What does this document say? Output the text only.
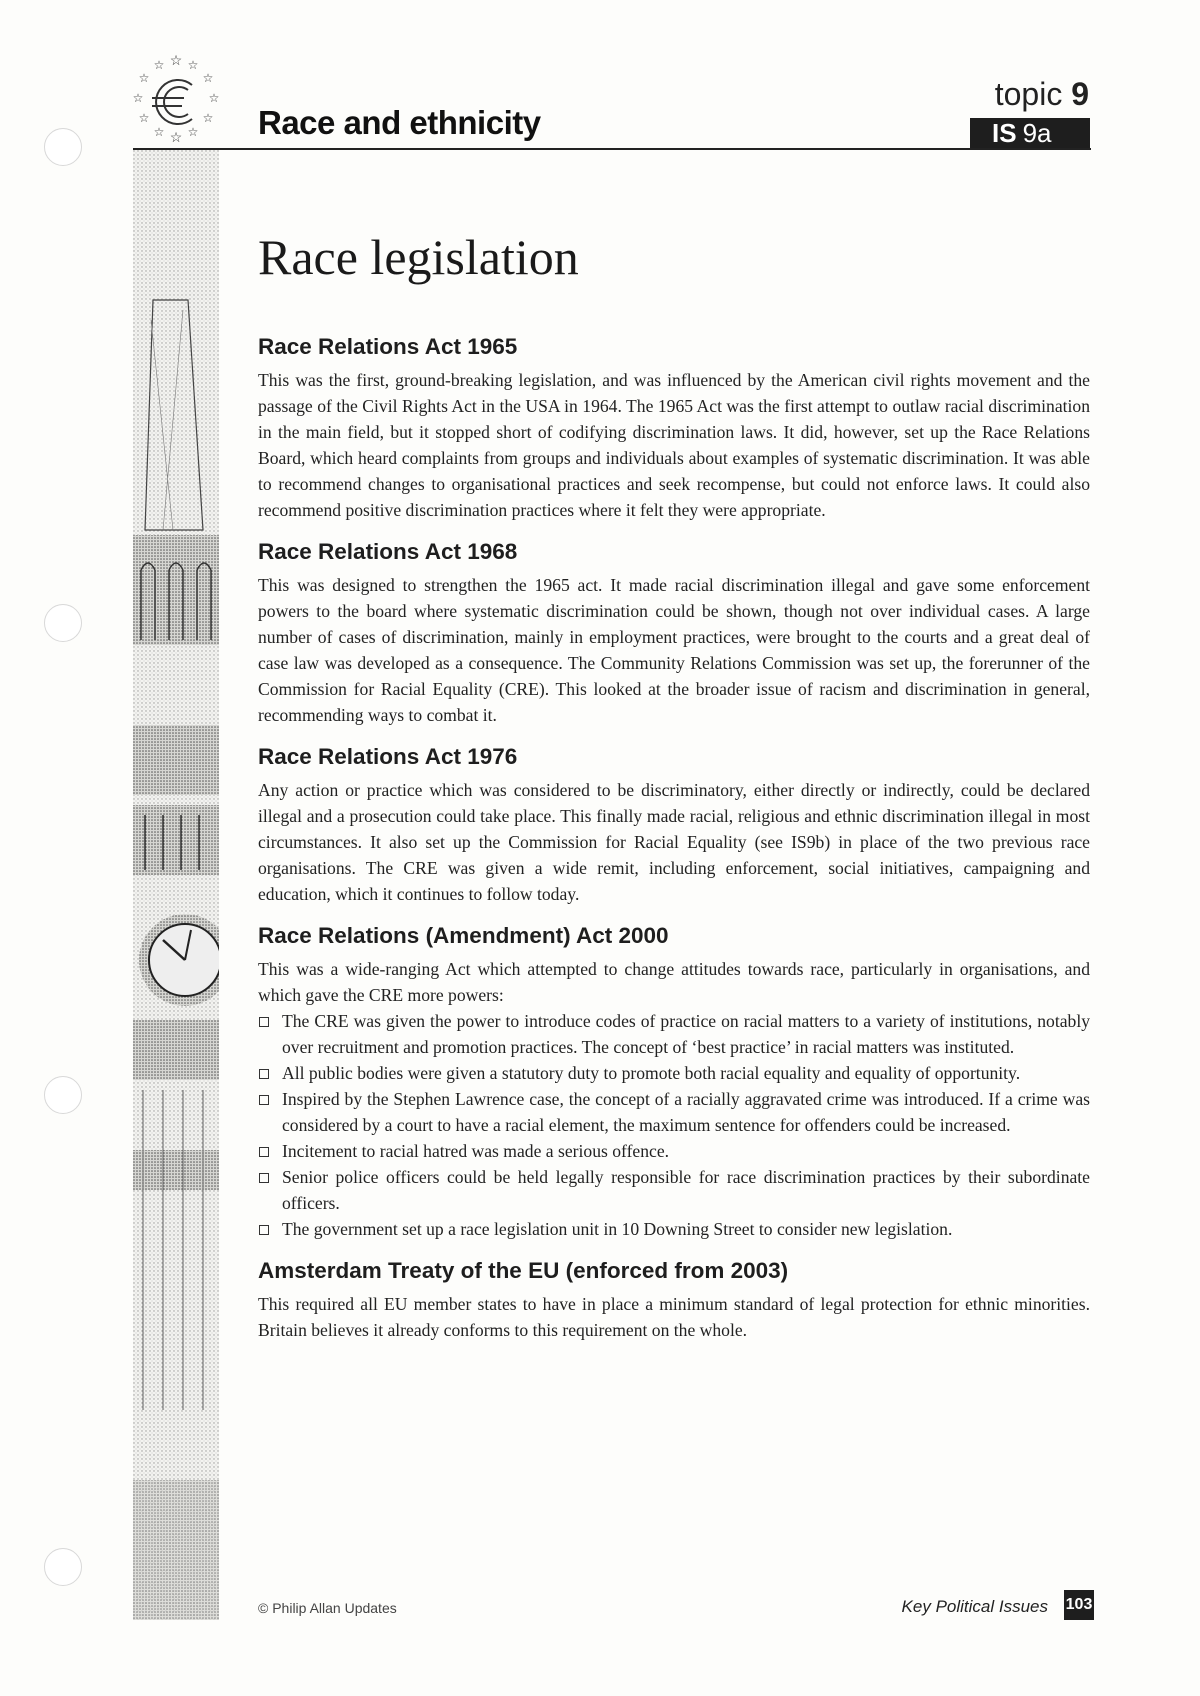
☆
☆ ☆
☆	☆
☆	☆
☆	☆
☆ ☆
☆ Race and ethnicity
topic 9
IS 9a
Race legislation
Race Relations Act 1965

This was the first, ground-breaking legislation, and was influenced by the American civil rights movement and the passage of the Civil Rights Act in the USA in 1964. The 1965 Act was the first attempt to outlaw racial discrimination in the main field, but it stopped short of codifying discrimination laws. It did, however, set up the Race Relations Board, which heard complaints from groups and individuals about examples of systematic discrimination. It was able to recommend changes to organisational practices and seek recompense, but could not enforce laws. It could also recommend positive discrimination practices where it felt they were appropriate.

Race Relations Act 1968

This was designed to strengthen the 1965 act. It made racial discrimination illegal and gave some enforcement powers to the board where systematic discrimination could be shown, though not over individual cases. A large number of cases of discrimination, mainly in employment practices, were brought to the courts and a great deal of case law was developed as a consequence. The Community Relations Commission was set up, the forerunner of the Commission for Racial Equality (CRE). This looked at the broader issue of racism and discrimination in general, recommending ways to combat it.

Race Relations Act 1976

Any action or practice which was considered to be discriminatory, either directly or indirectly, could be declared illegal and a prosecution could take place. This finally made racial, religious and ethnic discrimination illegal in most circumstances. It also set up the Commission for Racial Equality (see IS9b) in place of the two previous race organisations. The CRE was given a wide remit, including enforcement, social initiatives, campaigning and education, which it continues to follow today.

Race Relations (Amendment) Act 2000

This was a wide-ranging Act which attempted to change attitudes towards race, particularly in organisations, and which gave the CRE more powers:

The CRE was given the power to introduce codes of practice on racial matters to a variety of institutions, notably over recruitment and promotion practices. The concept of ‘best practice’ in racial matters was instituted.
All public bodies were given a statutory duty to promote both racial equality and equality of opportunity.
Inspired by the Stephen Lawrence case, the concept of a racially aggravated crime was introduced. If a crime was considered by a court to have a racial element, the maximum sentence for offenders could be increased.
Incitement to racial hatred was made a serious offence.
Senior police officers could be held legally responsible for race discrimination practices by their subordinate officers.
The government set up a race legislation unit in 10 Downing Street to consider new legislation.
Amsterdam Treaty of the EU (enforced from 2003)

This required all EU member states to have in place a minimum standard of legal protection for ethnic minorities. Britain believes it already conforms to this requirement on the whole.

© Philip Allan Updates	Key Political Issues 103
